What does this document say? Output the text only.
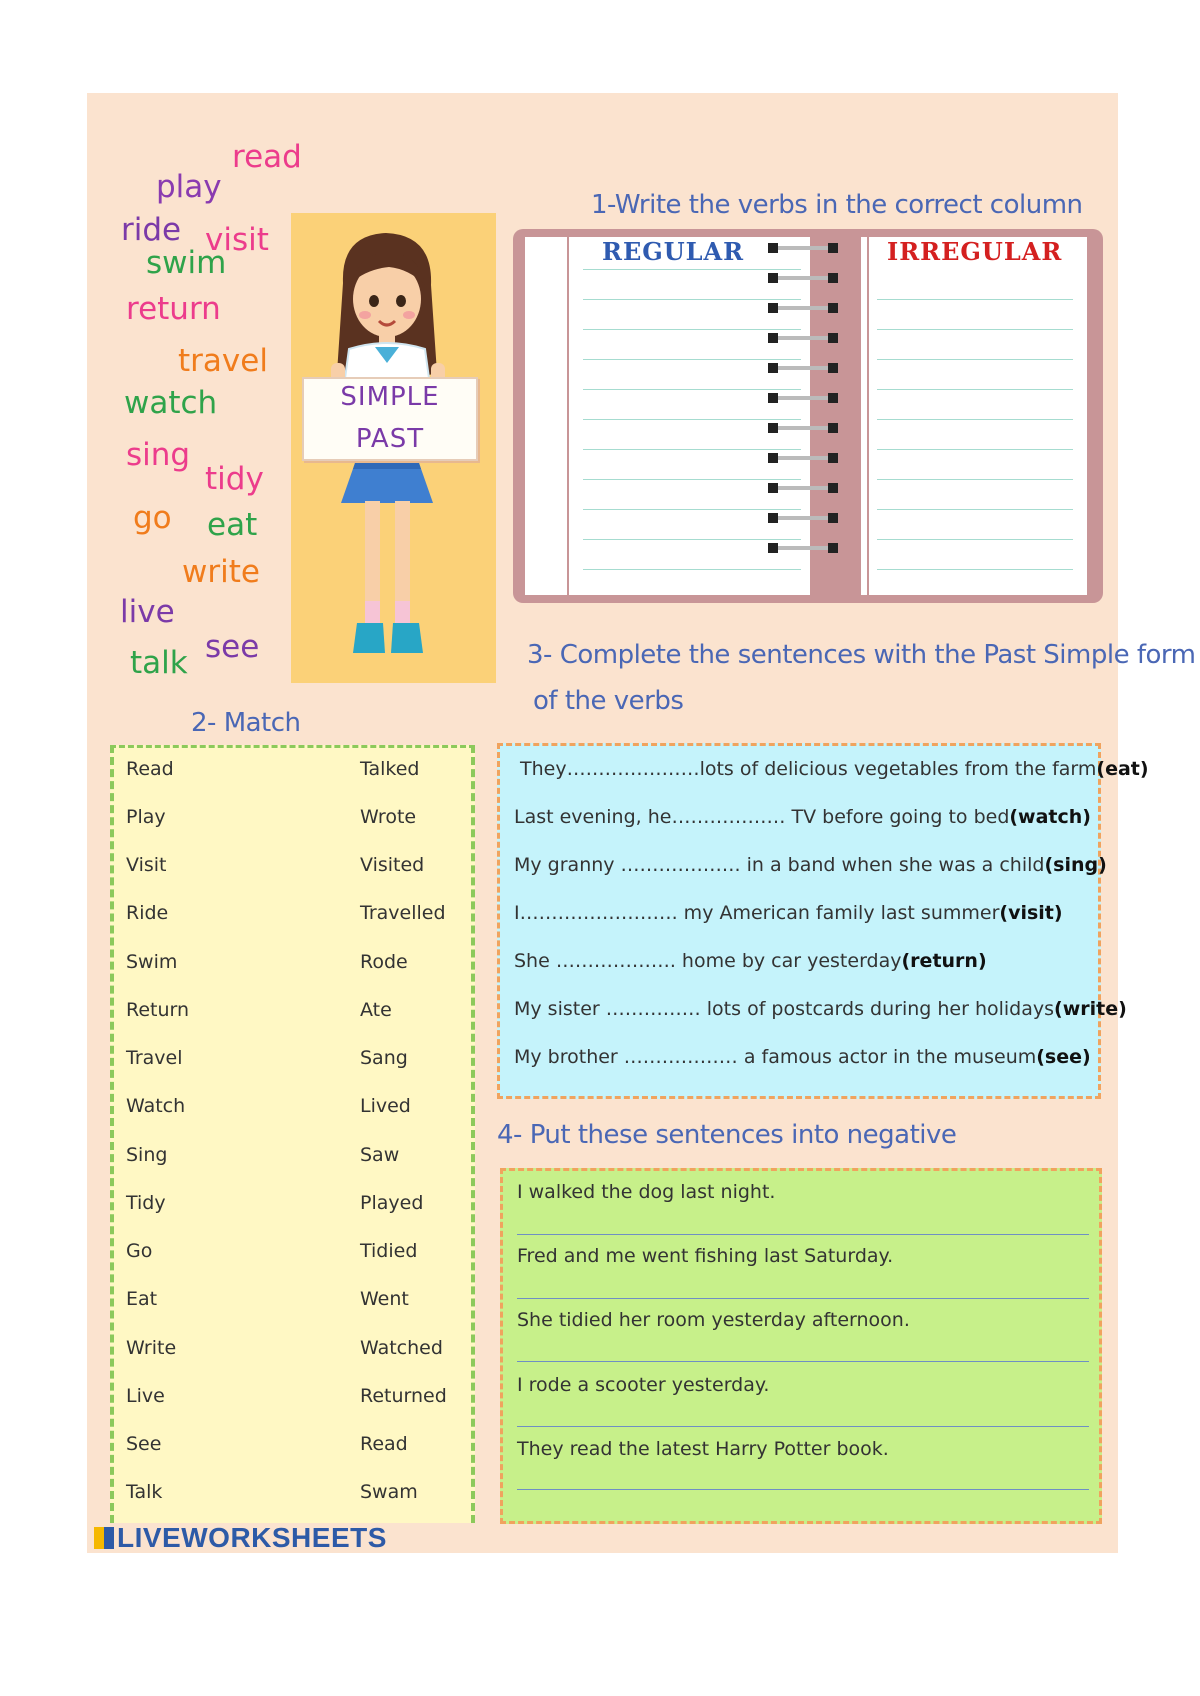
read
play
ride visit
swim
return
travel
watch
sing
tidy
go eat
write
live
see
talk
SIMPLE
PAST
1-Write the verbs in the correct column
REGULAR	IRREGULAR
2- Match
Read
Play
Visit
Ride
Swim
Return
Travel
Watch
Sing
Tidy
Go
Eat
Write
Live
See
Talk
Talked
Wrote
Visited
Travelled
Rode
Ate
Sang
Lived
Saw
Played
Tidied
Went
Watched
Returned
Read
Swam
3- Complete the sentences with the Past Simple form
of the verbs
They…………………lots of delicious vegetables from the farm(eat)
Last evening, he……………… TV before going to bed(watch)
My granny ………………. in a band when she was a child(sing)
I……………………. my American family last summer(visit)
She ………………. home by car yesterday(return)
My sister …………… lots of postcards during her holidays(write)
My brother ……………… a famous actor in the museum(see)
4- Put these sentences into negative
I walked the dog last night.
Fred and me went fishing last Saturday.
She tidied her room yesterday afternoon.
I rode a scooter yesterday.
They read the latest Harry Potter book.
LIVEWORKSHEETS
